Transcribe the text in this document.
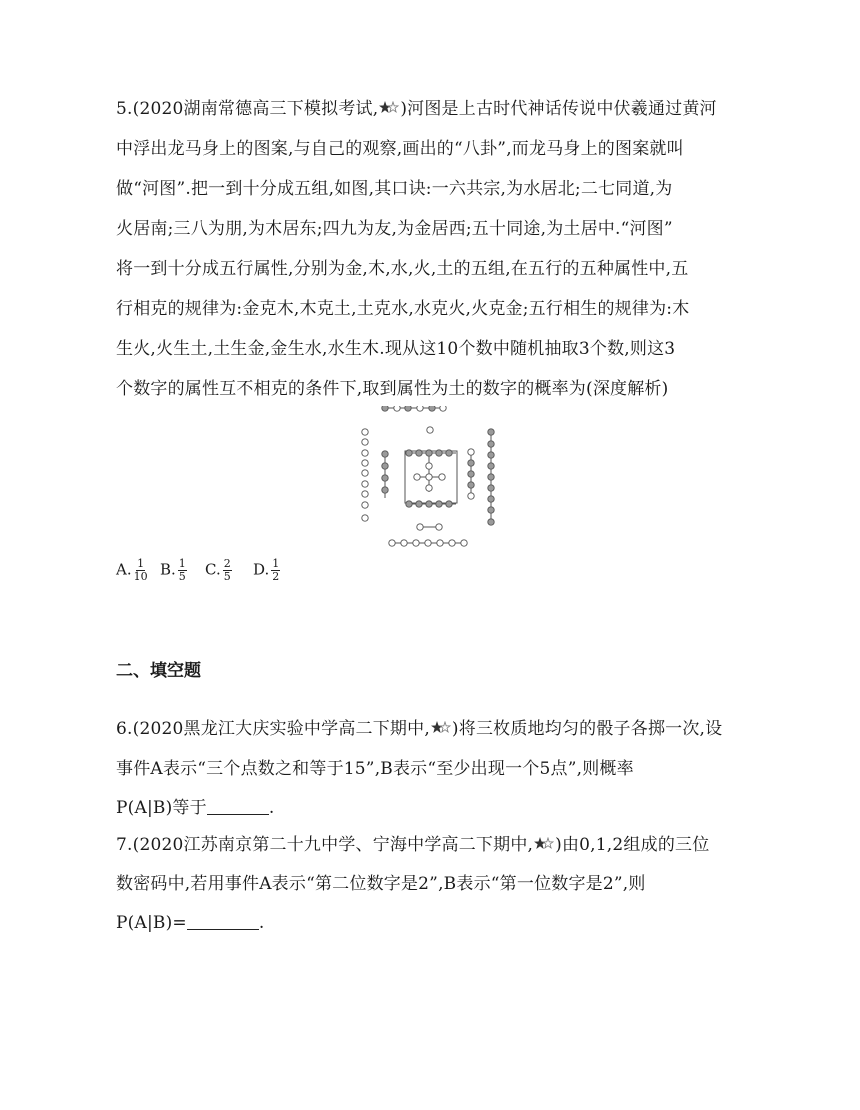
5.(2020湖南常德高三下模拟考试, )河图是上古时代神话传说中伏羲通过黄河
中浮出龙马身上的图案,与自己的观察,画出的“八卦”,而龙马身上的图案就叫
做“河图”.把一到十分成五组,如图,其口诀:一六共宗,为水居北;二七同道,为
火居南;三八为朋,为木居东;四九为友,为金居西;五十同途,为土居中.“河图”
将一到十分成五行属性,分别为金,木,水,火,土的五组,在五行的五种属性中,五
行相克的规律为:金克木,木克土,土克水,水克火,火克金;五行相生的规律为:木
生火,火生土,土生金,金生水,水生木.现从这10个数中随机抽取3个数,则这3
个数字的属性互不相克的条件下,取到属性为土的数字的概率为(深度解析)
A. $\frac{1}{10} B$. $\frac{1}{5} C$. $\frac{2}{5} D$. $\frac{1}{2}$
二、填空题
6.(2020黑龙江大庆实验中学高二下期中, )将三枚质地均匀的骰子各掷一次,设
事件A表示“三个点数之和等于15”,B表示“至少出现一个5点”,则概率
P(A|B)等于	.
7.(2020江苏南京第二十九中学、宁海中学高二下期中, )由0,1,2组成的三位
数密码中,若用事件A表示“第二位数字是2”,B表示“第一位数字是2”,则
P(A|B)=	.
